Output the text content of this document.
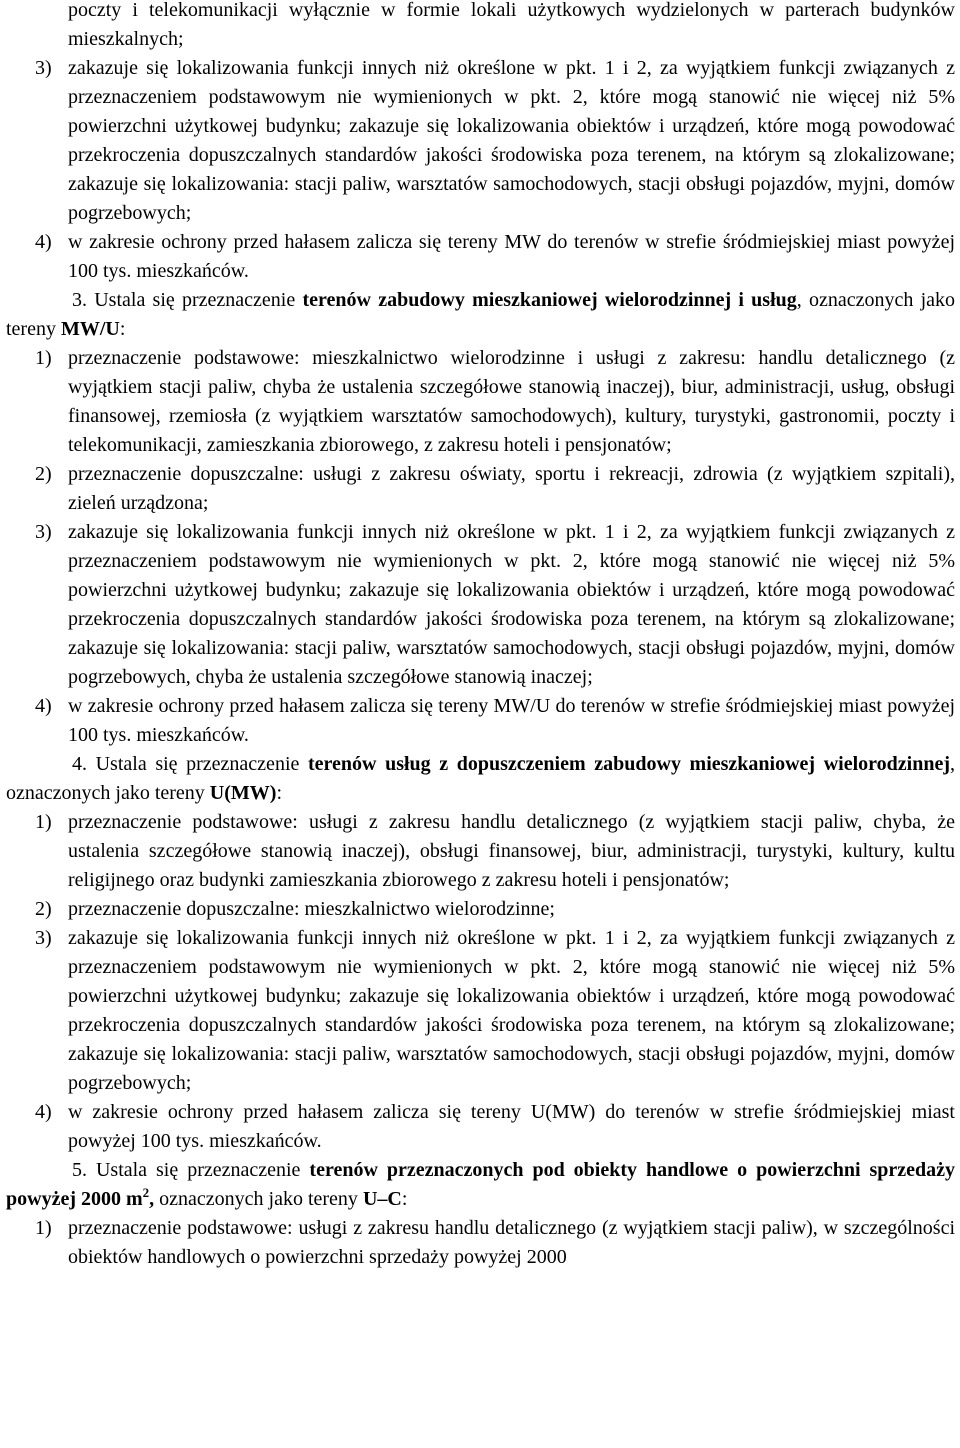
poczty i telekomunikacji wyłącznie w formie lokali użytkowych wydzielonych w parterach budynków mieszkalnych;
3) zakazuje się lokalizowania funkcji innych niż określone w pkt. 1 i 2, za wyjątkiem funkcji związanych z przeznaczeniem podstawowym nie wymienionych w pkt. 2, które mogą stanowić nie więcej niż 5% powierzchni użytkowej budynku; zakazuje się lokalizowania obiektów i urządzeń, które mogą powodować przekroczenia dopuszczalnych standardów jakości środowiska poza terenem, na którym są zlokalizowane; zakazuje się lokalizowania: stacji paliw, warsztatów samochodowych, stacji obsługi pojazdów, myjni, domów pogrzebowych;
4) w zakresie ochrony przed hałasem zalicza się tereny MW do terenów w strefie śródmiejskiej miast powyżej 100 tys. mieszkańców.
3. Ustala się przeznaczenie terenów zabudowy mieszkaniowej wielorodzinnej i usług, oznaczonych jako tereny MW/U:
1) przeznaczenie podstawowe: mieszkalnictwo wielorodzinne i usługi z zakresu: handlu detalicznego (z wyjątkiem stacji paliw, chyba że ustalenia szczegółowe stanowią inaczej), biur, administracji, usług, obsługi finansowej, rzemiosła (z wyjątkiem warsztatów samochodowych), kultury, turystyki, gastronomii, poczty i telekomunikacji, zamieszkania zbiorowego, z zakresu hoteli i pensjonatów;
2) przeznaczenie dopuszczalne: usługi z zakresu oświaty, sportu i rekreacji, zdrowia (z wyjątkiem szpitali), zieleń urządzona;
3) zakazuje się lokalizowania funkcji innych niż określone w pkt. 1 i 2, za wyjątkiem funkcji związanych z przeznaczeniem podstawowym nie wymienionych w pkt. 2, które mogą stanowić nie więcej niż 5% powierzchni użytkowej budynku; zakazuje się lokalizowania obiektów i urządzeń, które mogą powodować przekroczenia dopuszczalnych standardów jakości środowiska poza terenem, na którym są zlokalizowane; zakazuje się lokalizowania: stacji paliw, warsztatów samochodowych, stacji obsługi pojazdów, myjni, domów pogrzebowych, chyba że ustalenia szczegółowe stanowią inaczej;
4) w zakresie ochrony przed hałasem zalicza się tereny MW/U do terenów w strefie śródmiejskiej miast powyżej 100 tys. mieszkańców.
4. Ustala się przeznaczenie terenów usług z dopuszczeniem zabudowy mieszkaniowej wielorodzinnej, oznaczonych jako tereny U(MW):
1) przeznaczenie podstawowe: usługi z zakresu handlu detalicznego (z wyjątkiem stacji paliw, chyba, że ustalenia szczegółowe stanowią inaczej), obsługi finansowej, biur, administracji, turystyki, kultury, kultu religijnego oraz budynki zamieszkania zbiorowego z zakresu hoteli i pensjonatów;
2) przeznaczenie dopuszczalne: mieszkalnictwo wielorodzinne;
3) zakazuje się lokalizowania funkcji innych niż określone w pkt. 1 i 2, za wyjątkiem funkcji związanych z przeznaczeniem podstawowym nie wymienionych w pkt. 2, które mogą stanowić nie więcej niż 5% powierzchni użytkowej budynku; zakazuje się lokalizowania obiektów i urządzeń, które mogą powodować przekroczenia dopuszczalnych standardów jakości środowiska poza terenem, na którym są zlokalizowane; zakazuje się lokalizowania: stacji paliw, warsztatów samochodowych, stacji obsługi pojazdów, myjni, domów pogrzebowych;
4) w zakresie ochrony przed hałasem zalicza się tereny U(MW) do terenów w strefie śródmiejskiej miast powyżej 100 tys. mieszkańców.
5. Ustala się przeznaczenie terenów przeznaczonych pod obiekty handlowe o powierzchni sprzedaży powyżej 2000 $m^2$, oznaczonych jako tereny U–C:
1) przeznaczenie podstawowe: usługi z zakresu handlu detalicznego (z wyjątkiem stacji paliw), w szczególności obiektów handlowych o powierzchni sprzedaży powyżej 2000
